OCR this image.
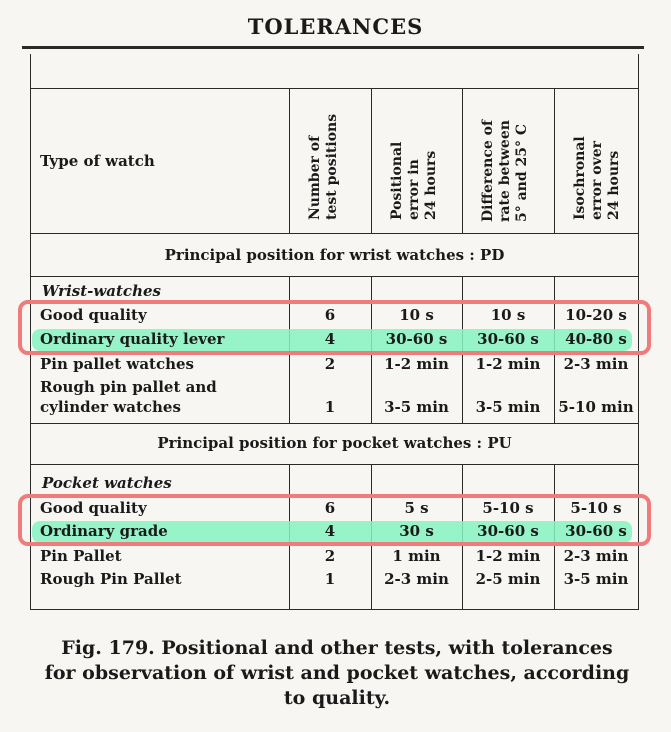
TOLERANCES
Type of watch	Number of test positions	Positional error in 24 hours	Difference of rate between 5° and 25° C	Isochronal error over 24 hours
Principal position for wrist watches : PD
Wrist-watches
Good quality	6	10 s	10 s	10-20 s
Ordinary quality lever	4	30-60 s	30-60 s	40-80 s
Pin pallet watches	2	1-2 min	1-2 min	2-3 min
Rough pin pallet and
cylinder watches	1	3-5 min	3-5 min	5-10 min
Principal position for pocket watches : PU
Pocket watches
Good quality	6	5 s	5-10 s	5-10 s
Ordinary grade	4	30 s	30-60 s	30-60 s
Pin Pallet	2	1 min	1-2 min	2-3 min
Rough Pin Pallet	1	2-3 min	2-5 min	3-5 min
Fig. 179. Positional and other tests, with tolerances
for observation of wrist and pocket watches, according
to quality.
